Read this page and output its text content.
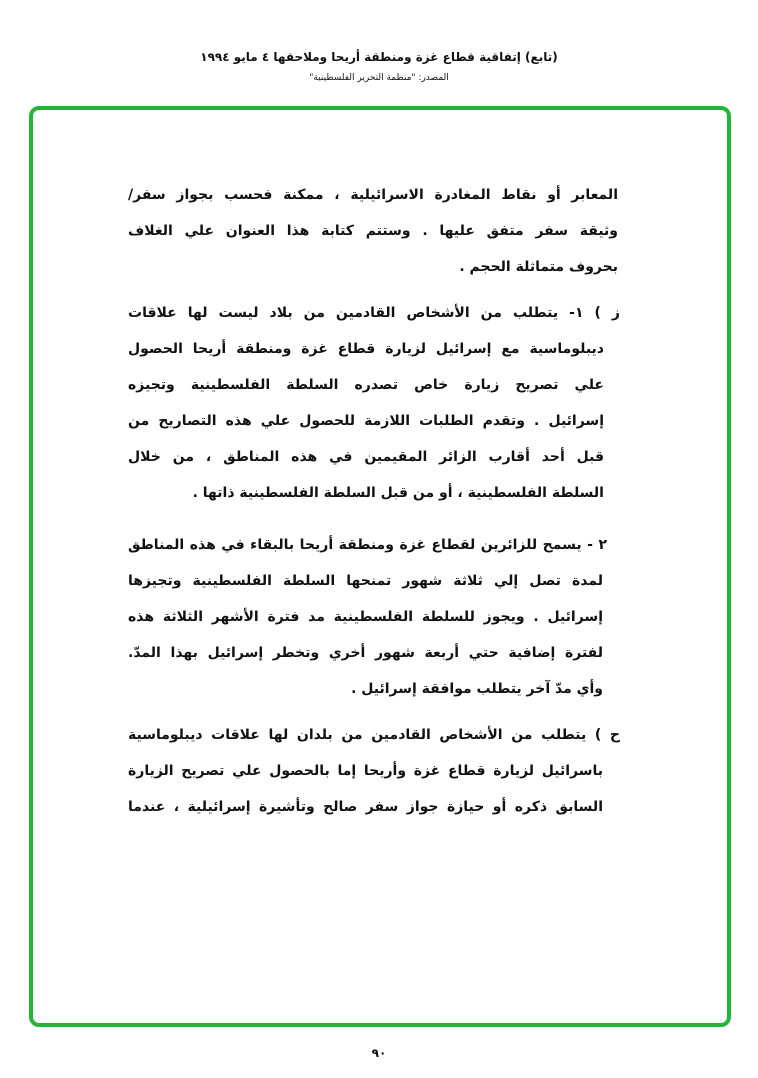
(تابع) إتفاقية قطاع غزة ومنطقة أريحا وملاحقها ٤ مايو ١٩٩٤
المصدر: "منظمة التحرير الفلسطينية"
المعابر أو نقاط المغادرة الاسرائيلية ، ممكنة فحسب بجواز سفر/
وثيقة سفر متفق عليها . وستتم كتابة هذا العنوان علي الغلاف
بحروف متماثلة الحجم .
ز ) ١- يتطلب من الأشخاص القادمين من بلاد ليست لها علاقات
ديبلوماسية مع إسرائيل لزيارة قطاع غزة ومنطقة أريحا الحصول
علي تصريح زيارة خاص تصدره السلطة الفلسطينية وتجيزه
إسرائيل . وتقدم الطلبات اللازمة للحصول علي هذه التصاريح من
قبل أحد أقارب الزائر المقيمين في هذه المناطق ، من خلال
السلطة الفلسطينية ، أو من قبل السلطة الفلسطينية ذاتها .
٢ - يسمح للزائرين لقطاع غزة ومنطقة أريحا بالبقاء في هذه المناطق
لمدة تصل إلي ثلاثة شهور تمنحها السلطة الفلسطينية وتجيزها
إسرائيل . ويجوز للسلطة الفلسطينية مد فترة الأشهر الثلاثة هذه
لفترة إضافية حتي أربعة شهور أخري وتخطر إسرائيل بهذا المدّ.
وأي مدّ آخر يتطلب موافقة إسرائيل .
ح ) يتطلب من الأشخاص القادمين من بلدان لها علاقات ديبلوماسية
باسرائيل لزيارة قطاع غزة وأريحا إما بالحصول علي تصريح الزيارة
السابق ذكره أو حيازة جواز سفر صالح وتأشيرة إسرائيلية ، عندما
٩٠
